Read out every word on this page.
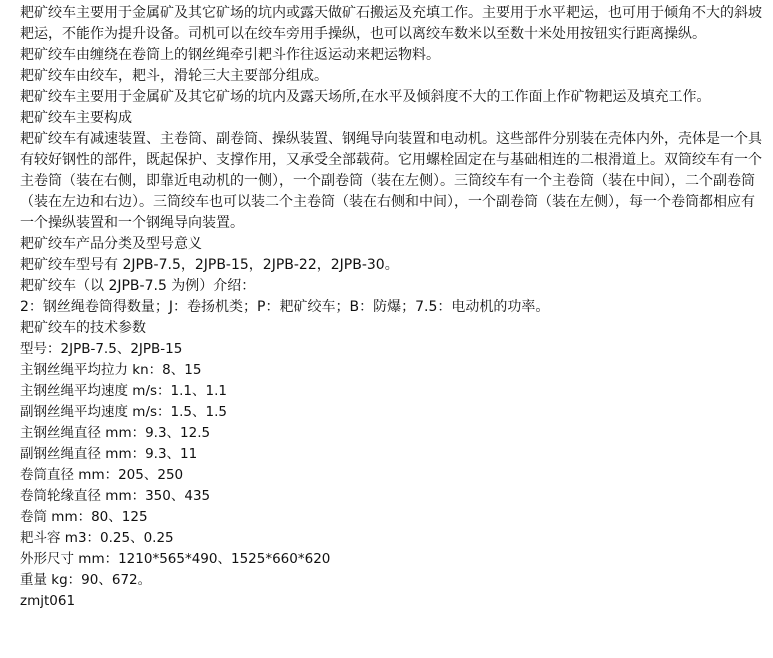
耙矿绞车主要用于金属矿及其它矿场的坑内或露天做矿石搬运及充填工作。主要用于水平耙运，也可用于倾角不大的斜坡耙运，不能作为提升设备。司机可以在绞车旁用手操纵，也可以离绞车数米以至数十米处用按钮实行距离操纵。

耙矿绞车由缠绕在卷筒上的钢丝绳牵引耙斗作往返运动来耙运物料。

耙矿绞车由绞车，耙斗，滑轮三大主要部分组成。

耙矿绞车主要用于金属矿及其它矿场的坑内及露天场所,在水平及倾斜度不大的工作面上作矿物耙运及填充工作。

耙矿绞车主要构成

耙矿绞车有减速装置、主卷筒、副卷筒、操纵装置、钢绳导向装置和电动机。这些部件分别装在壳体内外，壳体是一个具有较好钢性的部件，既起保护、支撑作用，又承受全部载荷。它用螺栓固定在与基础相连的二根滑道上。双筒绞车有一个主卷筒（装在右侧，即靠近电动机的一侧），一个副卷筒（装在左侧）。三筒绞车有一个主卷筒（装在中间），二个副卷筒（装在左边和右边）。三筒绞车也可以装二个主卷筒（装在右侧和中间），一个副卷筒（装在左侧），每一个卷筒都相应有一个操纵装置和一个钢绳导向装置。

耙矿绞车产品分类及型号意义

耙矿绞车型号有 2JPB-7.5，2JPB-15，2JPB-22，2JPB-30。

耙矿绞车（以 2JPB-7.5 为例）介绍：

2：钢丝绳卷筒得数量；J：卷扬机类；P：耙矿绞车；B：防爆；7.5：电动机的功率。

耙矿绞车的技术参数

型号：2JPB-7.5、2JPB-15

主钢丝绳平均拉力 kn：8、15

主钢丝绳平均速度 m/s：1.1、1.1

副钢丝绳平均速度 m/s：1.5、1.5

主钢丝绳直径 mm：9.3、12.5

副钢丝绳直径 mm：9.3、11

卷筒直径 mm：205、250

卷筒轮缘直径 mm：350、435

卷筒 mm：80、125

耙斗容 m3：0.25、0.25

外形尺寸 mm：1210*565*490、1525*660*620

重量 kg：90、672。

zmjt061
